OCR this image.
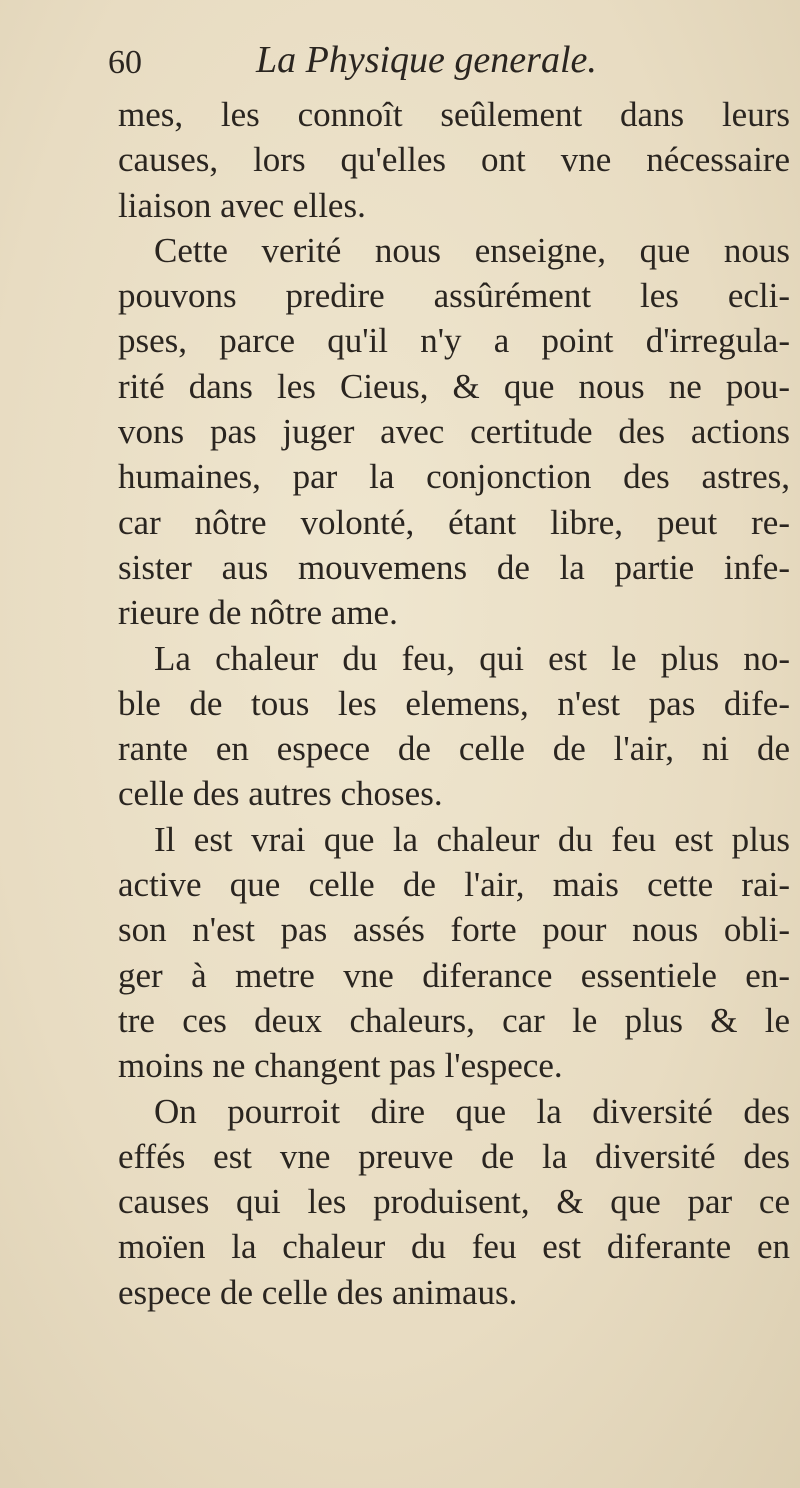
60	La Physique generale.
mes, les connoît seûlement dans leurs
causes, lors qu'elles ont vne nécessaire
liaison avec elles.
Cette verité nous enseigne, que nous
pouvons predire assûrément les ecli-
pses, parce qu'il n'y a point d'irregula-
rité dans les Cieus, & que nous ne pou-
vons pas juger avec certitude des actions
humaines, par la conjonction des astres,
car nôtre volonté, étant libre, peut re-
sister aus mouvemens de la partie infe-
rieure de nôtre ame.
La chaleur du feu, qui est le plus no-
ble de tous les elemens, n'est pas dife-
rante en espece de celle de l'air, ni de
celle des autres choses.
Il est vrai que la chaleur du feu est plus
active que celle de l'air, mais cette rai-
son n'est pas assés forte pour nous obli-
ger à metre vne diferance essentiele en-
tre ces deux chaleurs, car le plus & le
moins ne changent pas l'espece.
On pourroit dire que la diversité des
effés est vne preuve de la diversité des
causes qui les produisent, & que par ce
moïen la chaleur du feu est diferante en
espece de celle des animaus.
